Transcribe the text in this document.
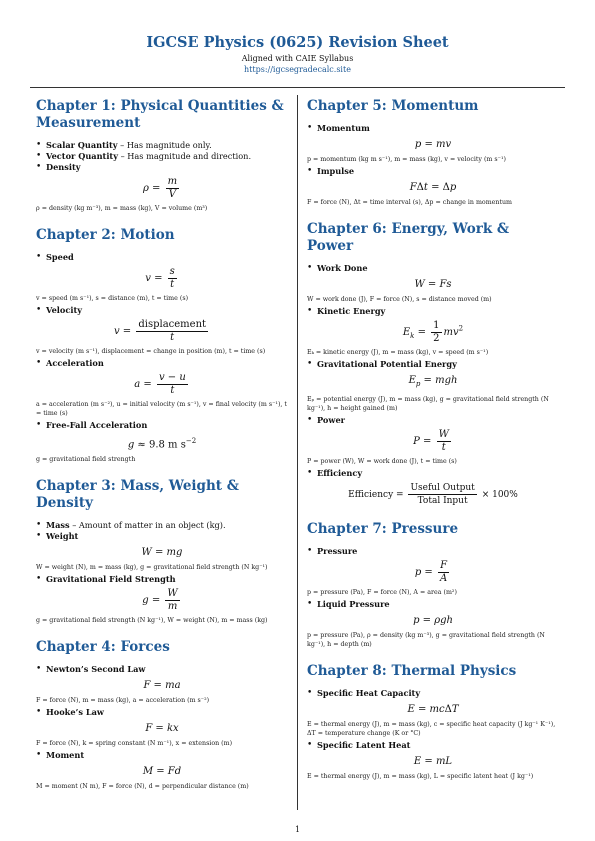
IGCSE Physics (0625) Revision Sheet
Aligned with CAIE Syllabus
https://igcsegradecalc.site
Chapter 1: Physical Quantities & Measurement
• Scalar Quantity – Has magnitude only.
• Vector Quantity – Has magnitude and direction.
• Density
$\rho = \frac{m}{V}$
ρ = density (kg m⁻³), m = mass (kg), V = volume (m³)
Chapter 2: Motion
• Speed
$v = \frac{s}{t}$
v = speed (m s⁻¹), s = distance (m), t = time (s)
• Velocity
$v = \frac{\text{displacement}}{t}$
v = velocity (m s⁻¹), displacement = change in position (m), t = time (s)
• Acceleration
$a = \frac{v - u}{t}$
a = acceleration (m s⁻²), u = initial velocity (m s⁻¹), v = final velocity (m s⁻¹), t = time (s)
• Free-Fall Acceleration
g ≈ 9.8 m $s^{-2}$
g = gravitational field strength
Chapter 3: Mass, Weight & Density
• Mass – Amount of matter in an object (kg).
• Weight
W = mg
W = weight (N), m = mass (kg), g = gravitational field strength (N kg⁻¹)
• Gravitational Field Strength
$g = \frac{W}{m}$
g = gravitational field strength (N kg⁻¹), W = weight (N), m = mass (kg)
Chapter 4: Forces
• Newton’s Second Law
F = ma
F = force (N), m = mass (kg), a = acceleration (m s⁻²)
• Hooke’s Law
F = kx
F = force (N), k = spring constant (N m⁻¹), x = extension (m)
• Moment
M = Fd
M = moment (N m), F = force (N), d = perpendicular distance (m)
Chapter 5: Momentum
• Momentum
p = mv
p = momentum (kg m s⁻¹), m = mass (kg), v = velocity (m s⁻¹)
• Impulse
FΔt = Δp
F = force (N), Δt = time interval (s), Δp = change in momentum
Chapter 6: Energy, Work & Power
• Work Done
W = Fs
W = work done (J), F = force (N), s = distance moved (m)
• Kinetic Energy
$E_k = \frac{1}{2} mv^2$
Eₖ = kinetic energy (J), m = mass (kg), v = speed (m s⁻¹)
• Gravitational Potential Energy
$E_p$ = mgh
Eₚ = potential energy (J), m = mass (kg), g = gravitational field strength (N kg⁻¹), h = height gained (m)
• Power
$P = \frac{W}{t}$
P = power (W), W = work done (J), t = time (s)
• Efficiency
Efficiency = $\frac{\text{Useful Output}}{\text{Total Input}} \times 100\%$
Chapter 7: Pressure
• Pressure
$p = \frac{F}{A}$
p = pressure (Pa), F = force (N), A = area (m²)
• Liquid Pressure
p = ρgh
p = pressure (Pa), ρ = density (kg m⁻³), g = gravitational field strength (N kg⁻¹), h = depth (m)
Chapter 8: Thermal Physics
• Specific Heat Capacity
E = mcΔT
E = thermal energy (J), m = mass (kg), c = specific heat capacity (J kg⁻¹ K⁻¹), ΔT = temperature change (K or °C)
• Specific Latent Heat
E = mL
E = thermal energy (J), m = mass (kg), L = specific latent heat (J kg⁻¹)
1
